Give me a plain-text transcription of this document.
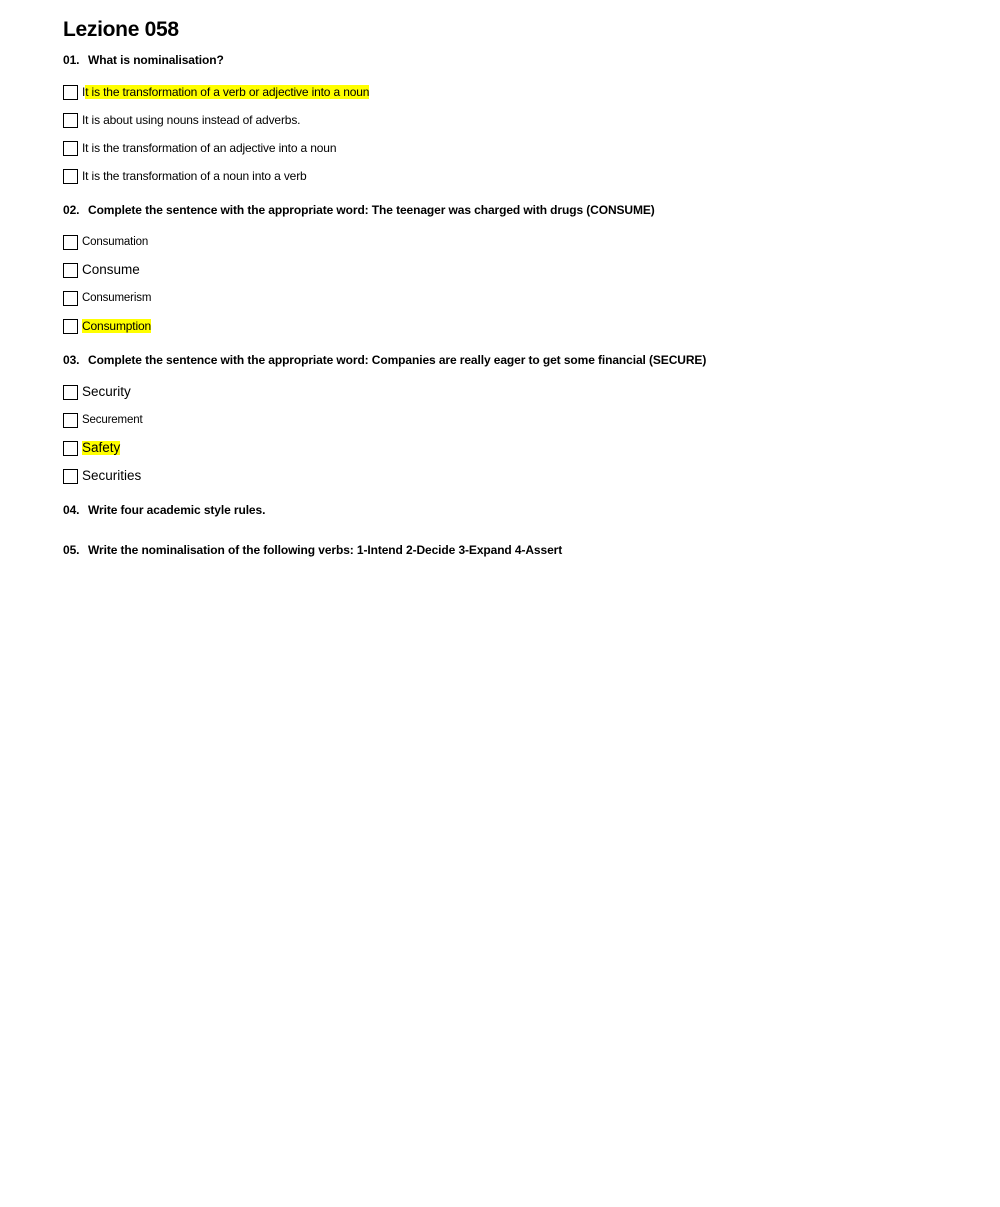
Lezione 058
01. What is nominalisation?
I t is the transformation of a verb or adjective into a noun
It is about using nouns instead of adverbs.
It is the transformation of an adjective into a noun
It is the transformation of a noun into a verb
02. Complete the sentence with the appropriate word: The teenager was charged with drugs (CONSUME)
Consumation
Consume
Consumerism
Consumption
03. Complete the sentence with the appropriate word: Companies are really eager to get some financial (SECURE)
Security
Securement
Safety
Securities
04. Write four academic style rules.
05. Write the nominalisation of the following verbs: 1-Intend 2-Decide 3-Expand 4-Assert
